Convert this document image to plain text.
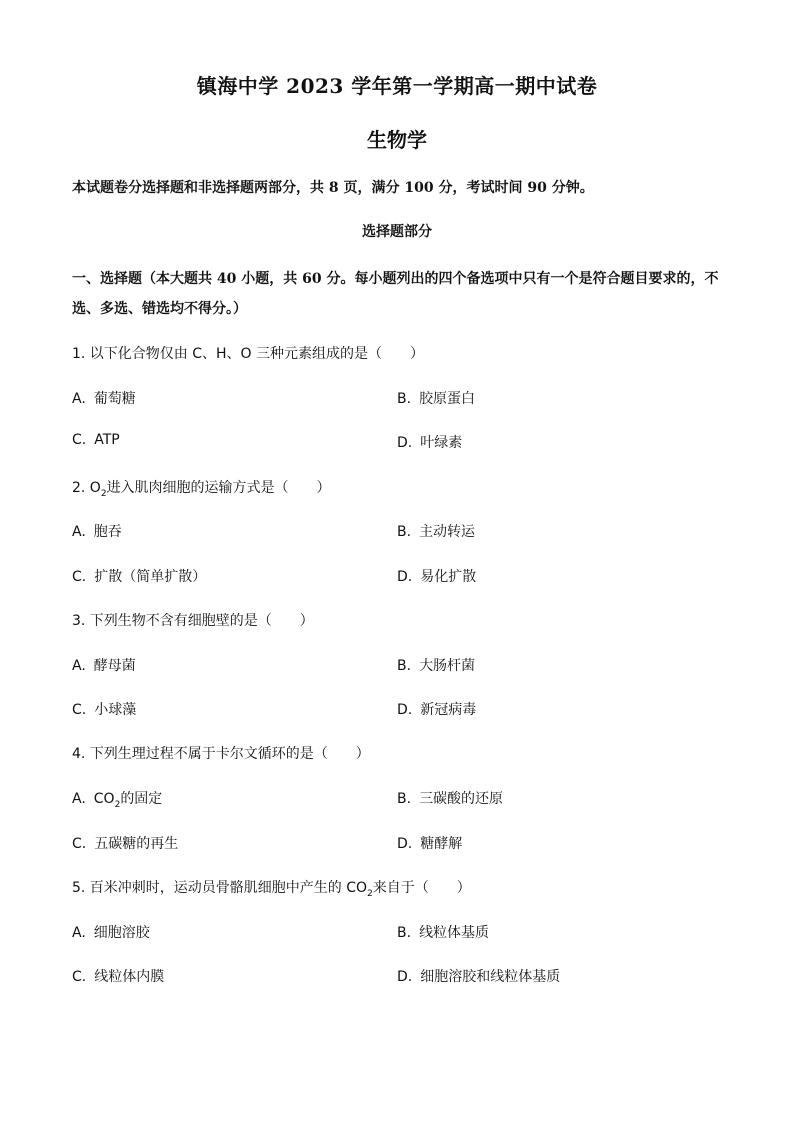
镇海中学 2023 学年第一学期高一期中试卷
生物学
本试题卷分选择题和非选择题两部分，共 8 页，满分 100 分，考试时间 90 分钟。
选择题部分
一、选择题（本大题共 40 小题，共 60 分。每小题列出的四个备选项中只有一个是符合题目要求的，不选、多选、错选均不得分。）
1. 以下化合物仅由 C、H、O 三种元素组成的是（　　）
A. 葡萄糖	B. 胶原蛋白
C. ATP	D. 叶绿素
2. $O_2$进入肌肉细胞的运输方式是（　　）
A. 胞吞	B. 主动转运
C. 扩散（简单扩散）	D. 易化扩散
3. 下列生物不含有细胞壁的是（　　）
A. 酵母菌	B. 大肠杆菌
C. 小球藻	D. 新冠病毒
4. 下列生理过程不属于卡尔文循环的是（　　）
A. $CO_2$的固定	B. 三碳酸的还原
C. 五碳糖的再生	D. 糖酵解
5. 百米冲刺时，运动员骨骼肌细胞中产生的 $CO_2$来自于（　　）
A. 细胞溶胶	B. 线粒体基质
C. 线粒体内膜	D. 细胞溶胶和线粒体基质
